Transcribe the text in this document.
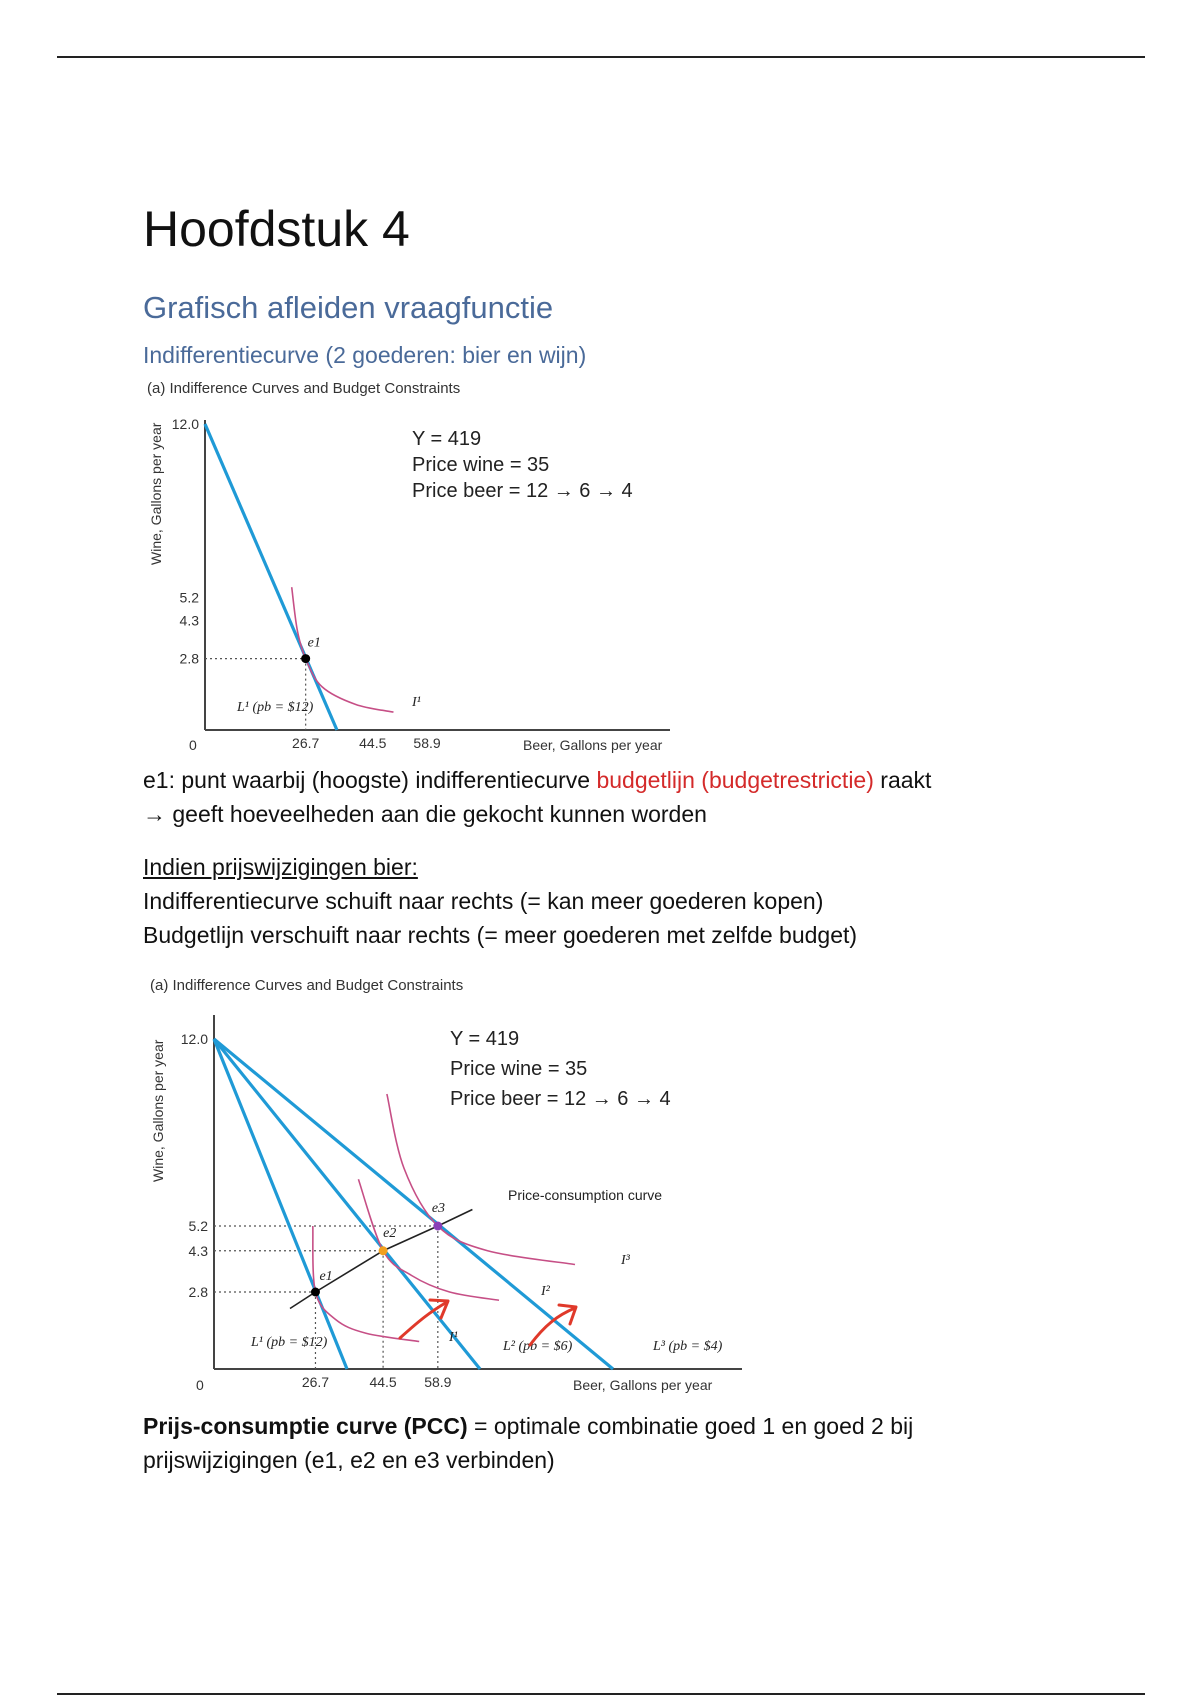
Hoofdstuk 4
Grafisch afleiden vraagfunctie
Indifferentiecurve (2 goederen: bier en wijn)
(a) Indifference Curves and Budget Constraints
2.8
4.3
5.2
12.0
26.7	44.5 58.9
e1
L¹ (pb = $12)	I¹
Y = 419
Price wine = 35
Price beer = 12 → 6 → 4
Wine, Gallons per year
Beer, Gallons per year
0
e1: punt waarbij (hoogste) indifferentiecurve budgetlijn (budgetrestrictie) raakt
→ geeft hoeveelheden aan die gekocht kunnen worden
Indien prijswijzigingen bier:
Indifferentiecurve schuift naar rechts (= kan meer goederen kopen)
Budgetlijn verschuift naar rechts (= meer goederen met zelfde budget)
(a) Indifference Curves and Budget Constraints
2.8
4.3
5.2
12.0
26.7	44.5 58.9
e1
e2
e3
L¹ (pb = $12)	L² (pb = $6)	L³ (pb = $4)
I¹
I²
I³
Y = 419
Price wine = 35
Price beer = 12 → 6 → 4
Wine, Gallons per year
Beer, Gallons per year
0
Price-consumption curve
Prijs-consumptie curve (PCC) = optimale combinatie goed 1 en goed 2 bij
prijswijzigingen (e1, e2 en e3 verbinden)
